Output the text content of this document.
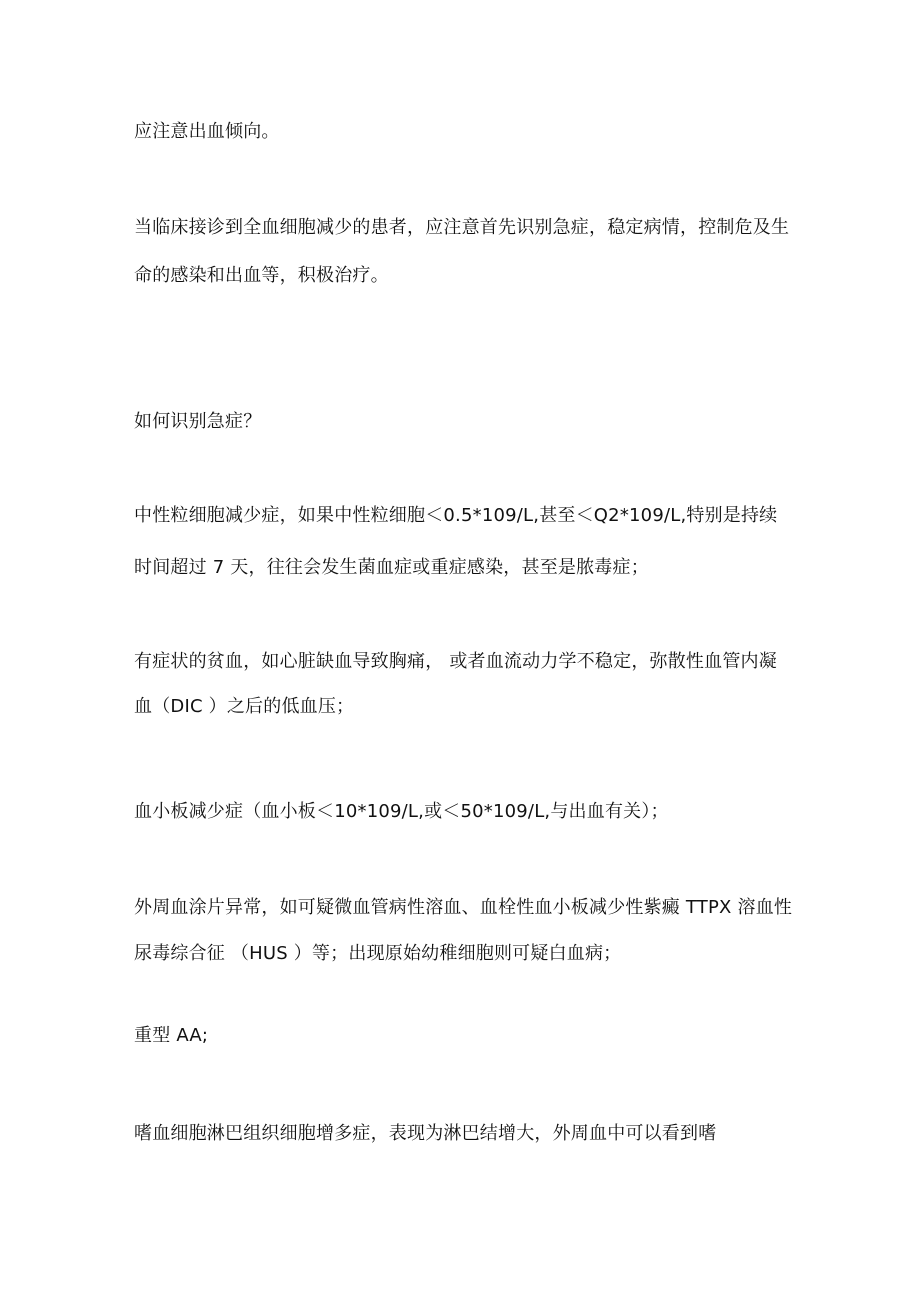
应注意出血倾向。
当临床接诊到全血细胞减少的患者，应注意首先识别急症，稳定病情，控制危及生
命的感染和出血等，积极治疗。
如何识别急症？
中性粒细胞减少症，如果中性粒细胞＜0.5*109/L,甚至＜Q2*109/L,特别是持续
时间超过 7 天，往往会发生菌血症或重症感染，甚至是脓毒症；
有症状的贫血，如心脏缺血导致胸痛， 或者血流动力学不稳定，弥散性血管内凝
血（DIC ）之后的低血压；
血小板减少症（血小板＜10*109/L,或＜50*109/L,与出血有关）；
外周血涂片异常，如可疑微血管病性溶血、血栓性血小板减少性紫癜 TTPX 溶血性
尿毒综合征 （HUS ）等；出现原始幼稚细胞则可疑白血病；
重型 AA;
嗜血细胞淋巴组织细胞增多症，表现为淋巴结增大，外周血中可以看到嗜
